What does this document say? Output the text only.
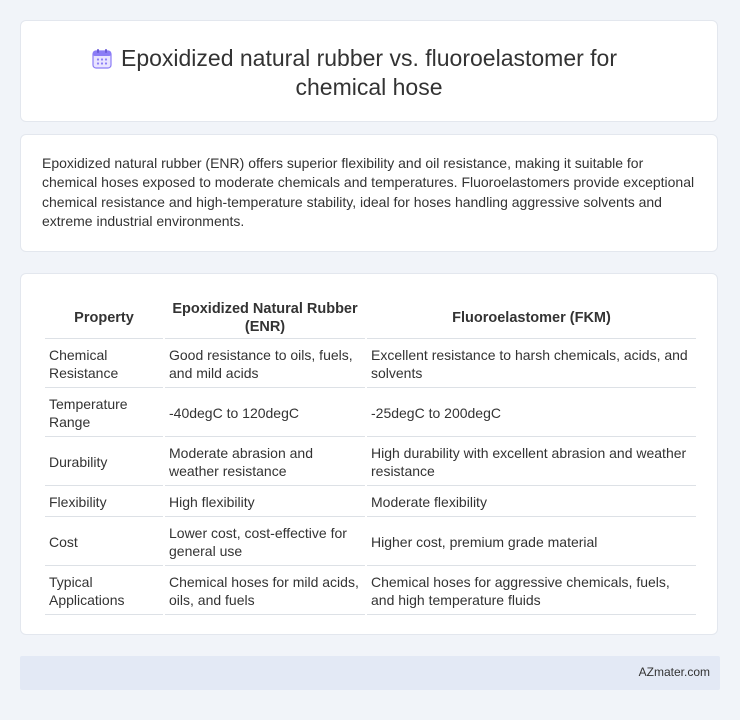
Epoxidized natural rubber vs. fluoroelastomer for
chemical hose
Epoxidized natural rubber (ENR) offers superior flexibility and oil resistance, making it suitable for chemical hoses exposed to moderate chemicals and temperatures. Fluoroelastomers provide exceptional chemical resistance and high-temperature stability, ideal for hoses handling aggressive solvents and extreme industrial environments.
Property	Epoxidized Natural Rubber (ENR)	Fluoroelastomer (FKM)
Chemical Resistance	Good resistance to oils, fuels, and mild acids	Excellent resistance to harsh chemicals, acids, and solvents
Temperature Range	-40degC to 120degC	-25degC to 200degC
Durability	Moderate abrasion and weather resistance	High durability with excellent abrasion and weather resistance
Flexibility	High flexibility	Moderate flexibility
Cost	Lower cost, cost-effective for general use	Higher cost, premium grade material
Typical Applications	Chemical hoses for mild acids, oils, and fuels	Chemical hoses for aggressive chemicals, fuels, and high temperature fluids
AZmater.com
